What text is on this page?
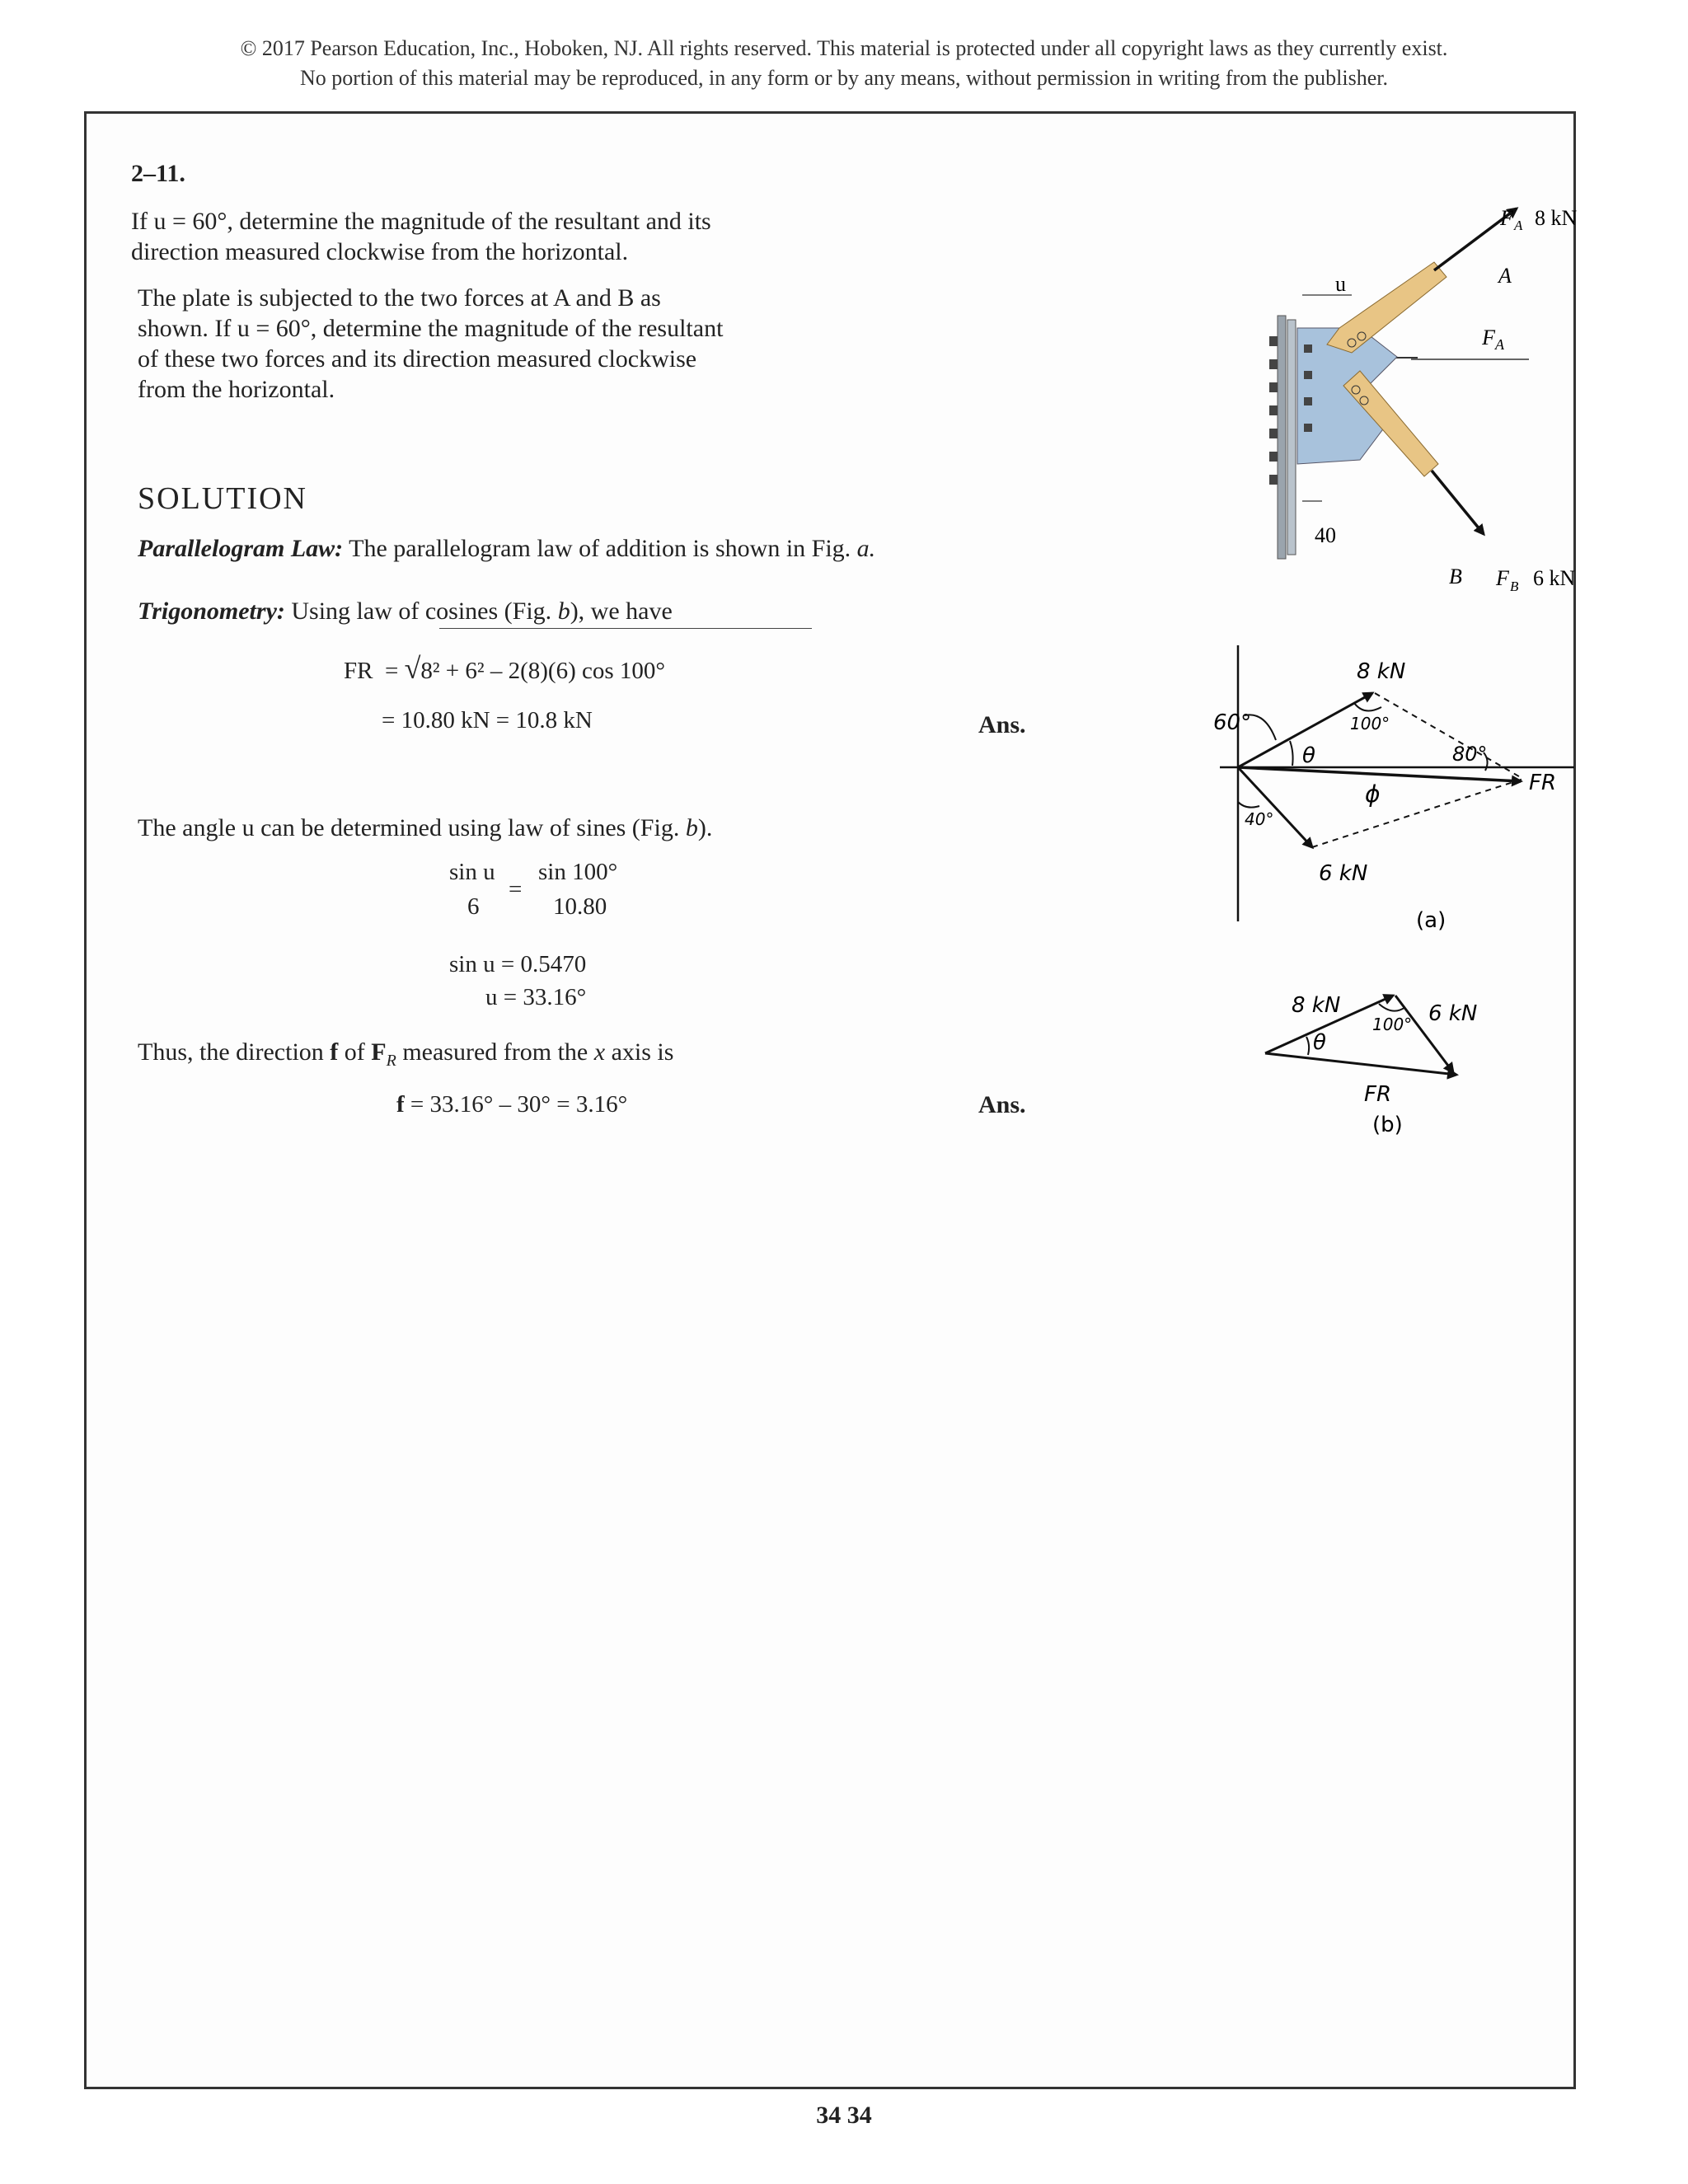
© 2017 Pearson Education, Inc., Hoboken, NJ. All rights reserved. This material is protected under all copyright laws as they currently exist.
No portion of this material may be reproduced, in any form or by any means, without permission in writing from the publisher.
2–11.
If u = 60°, determine the magnitude of the resultant and its
direction measured clockwise from the horizontal.
The plate is subjected to the two forces at A and B as
shown. If u = 60°, determine the magnitude of the resultant
of these two forces and its direction measured clockwise
from the horizontal.
SOLUTION
Parallelogram Law: The parallelogram law of addition is shown in Fig. a.
Trigonometry: Using law of cosines (Fig. b), we have
FR = √8² + 6² – 2(8)(6) cos 100°
= 10.80 kN = 10.8 kN	Ans.
The angle u can be determined using law of sines (Fig. b).
sin u
6
=
sin 100°
10.80
sin u = 0.5470
u = 33.16°
Thus, the direction f of $F_R$ measured from the x axis is
f = 33.16° – 30° = 3.16°	Ans.
$F_A$
F A 8 kN
A
u
40
B F B 6 kN
60°	100°
80°
θ
ϕ
8 kN
6 kN
FR
40°
(a)
8 kN	6 kN
100°
θ
FR
(b)
34 34
